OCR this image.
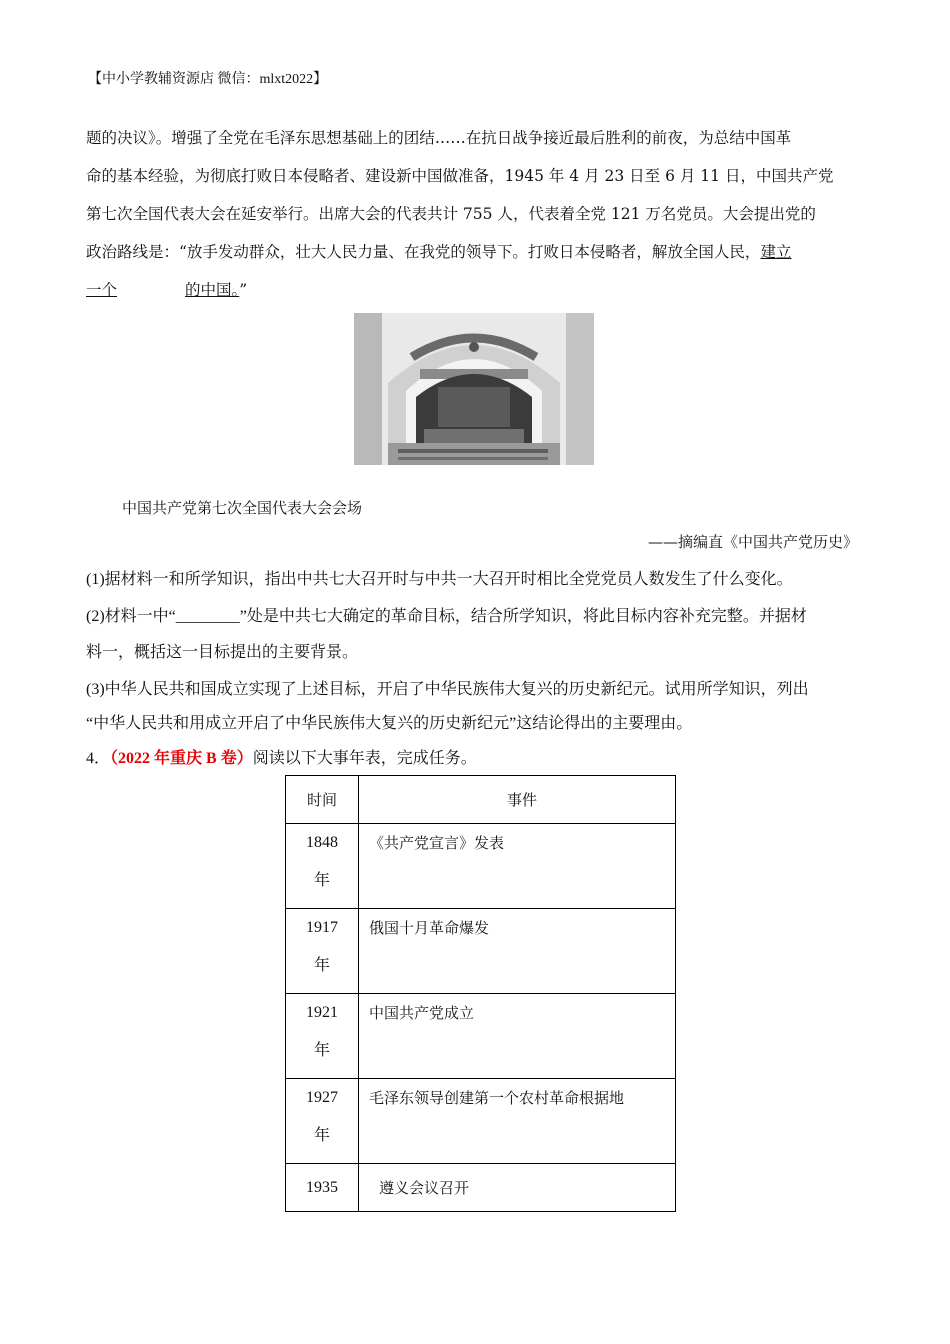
【中小学教辅资源店 微信：mlxt2022】
题的决议》。增强了全党在毛泽东思想基础上的团结……在抗日战争接近最后胜利的前夜，为总结中国革
命的基本经验，为彻底打败日本侵略者、建设新中国做准备，1945 年 4 月 23 日至 6 月 11 日，中国共产党
第七次全国代表大会在延安举行。出席大会的代表共计 755 人，代表着全党 121 万名党员。大会提出党的
政治路线是：“放手发动群众，壮大人民力量、在我党的领导下。打败日本侵略者，解放全国人民，建立
一个	的中国。”
中国共产党第七次全国代表大会会场
——摘编直《中国共产党历史》
(1)据材料一和所学知识，指出中共七大召开时与中共一大召开时相比全党党员人数发生了什么变化。
(2)材料一中“________”处是中共七大确定的革命目标，结合所学知识，将此目标内容补充完整。并据材
料一，概括这一目标提出的主要背景。
(3)中华人民共和国成立实现了上述目标，开启了中华民族伟大复兴的历史新纪元。试用所学知识，列出
“中华人民共和用成立开启了中华民族伟大复兴的历史新纪元”这结论得出的主要理由。
4．（2022 年重庆 B 卷）阅读以下大事年表，完成任务。
时间	事件

1848
年	《共产党宣言》发表

1917
年	俄国十月革命爆发

1921
年	中国共产党成立

1927
年	毛泽东领导创建第一个农村革命根据地

1935	遵义会议召开
